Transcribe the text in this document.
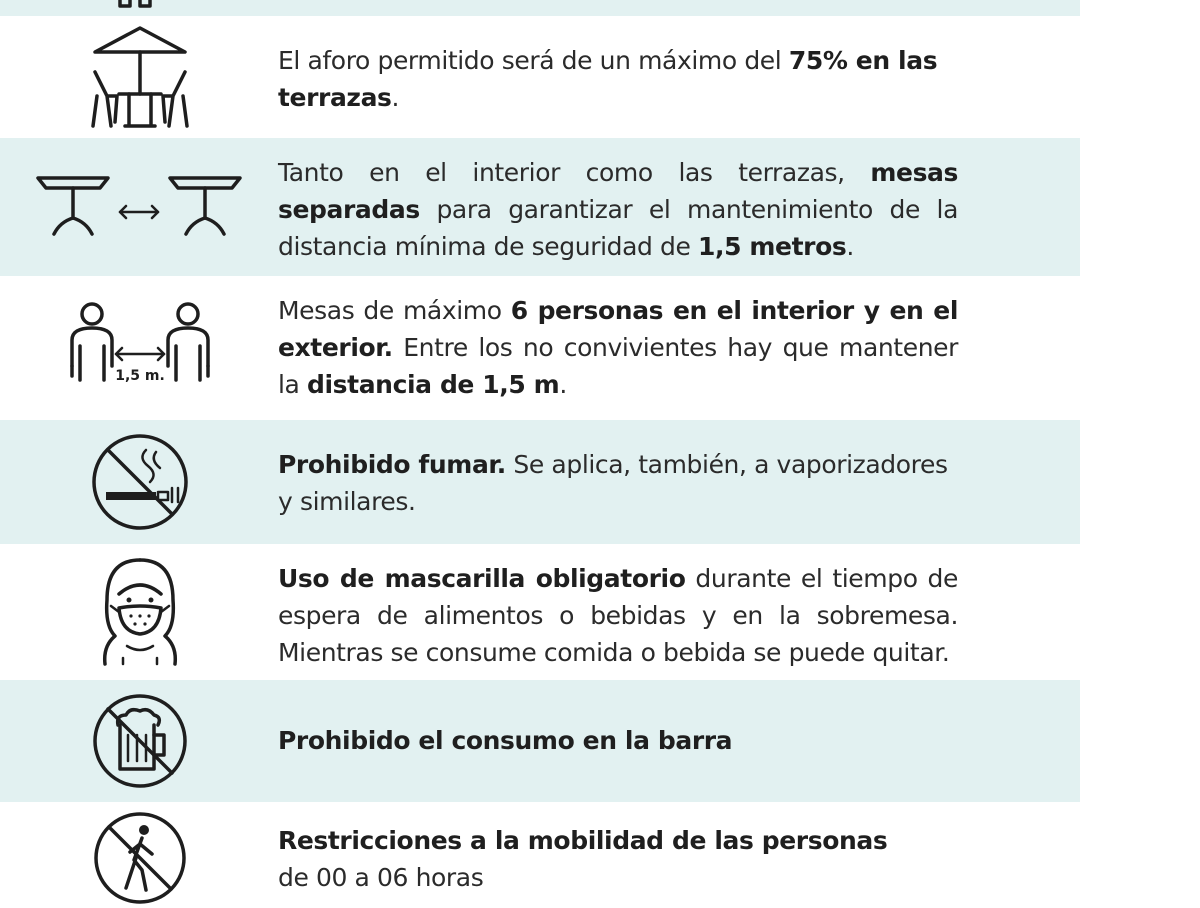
El aforo permitido será de un máximo del 75% en las terrazas.
Tanto en el interior como las terrazas, mesas separadas para garantizar el mantenimiento de la distancia mínima de seguridad de 1,5 metros.
1,5 m.
Mesas de máximo 6 personas en el interior y en el exterior. Entre los no convivientes hay que mantener la distancia de 1,5 m.
Prohibido fumar. Se aplica, también, a vaporizadores y similares.
Uso de mascarilla obligatorio durante el tiempo de espera de alimentos o bebidas y en la sobremesa. Mientras se consume comida o bebida se puede quitar.
Prohibido el consumo en la barra
Restricciones a la mobilidad de las personas
de 00 a 06 horas
